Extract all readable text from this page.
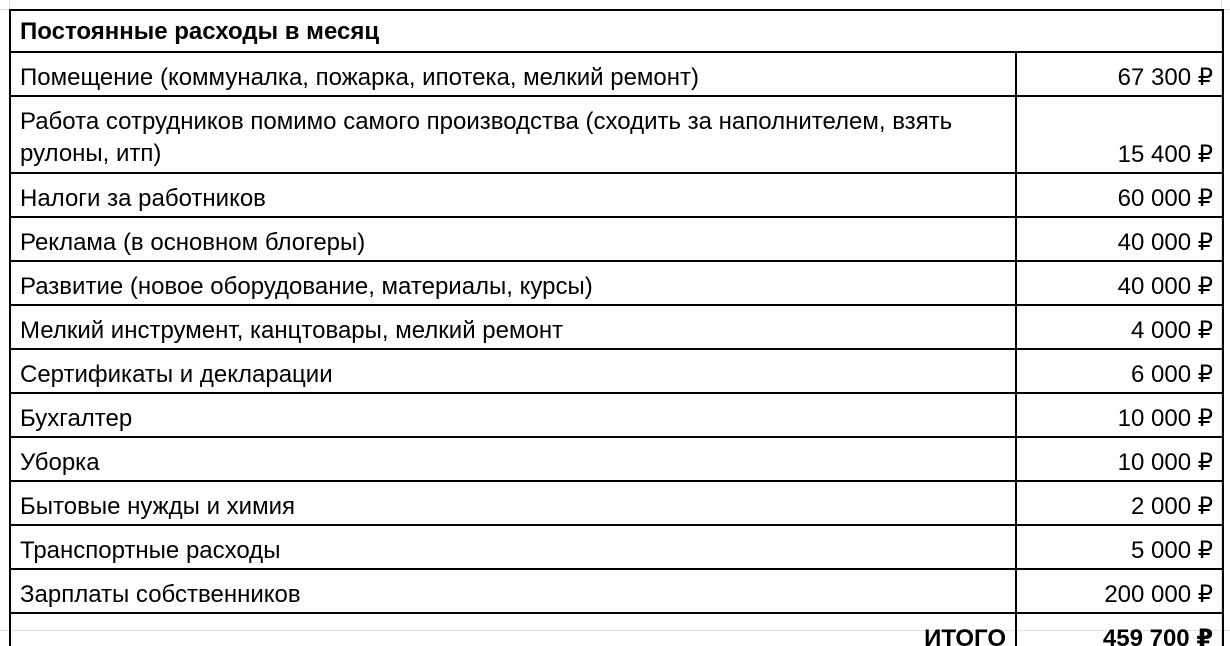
Постоянные расходы в месяц	
Помещение (коммуналка, пожарка, ипотека, мелкий ремонт)	67 300 ₽
Работа сотрудников помимо самого производства (сходить за наполнителем, взять рулоны, итп)	15 400 ₽
Налоги за работников	60 000 ₽
Реклама (в основном блогеры)	40 000 ₽
Развитие (новое оборудование, материалы, курсы)	40 000 ₽
Мелкий инструмент, канцтовары, мелкий ремонт	4 000 ₽
Сертификаты и декларации	6 000 ₽
Бухгалтер	10 000 ₽
Уборка	10 000 ₽
Бытовые нужды и химия	2 000 ₽
Транспортные расходы	5 000 ₽
Зарплаты собственников	200 000 ₽
ИТОГО	459 700 ₽
